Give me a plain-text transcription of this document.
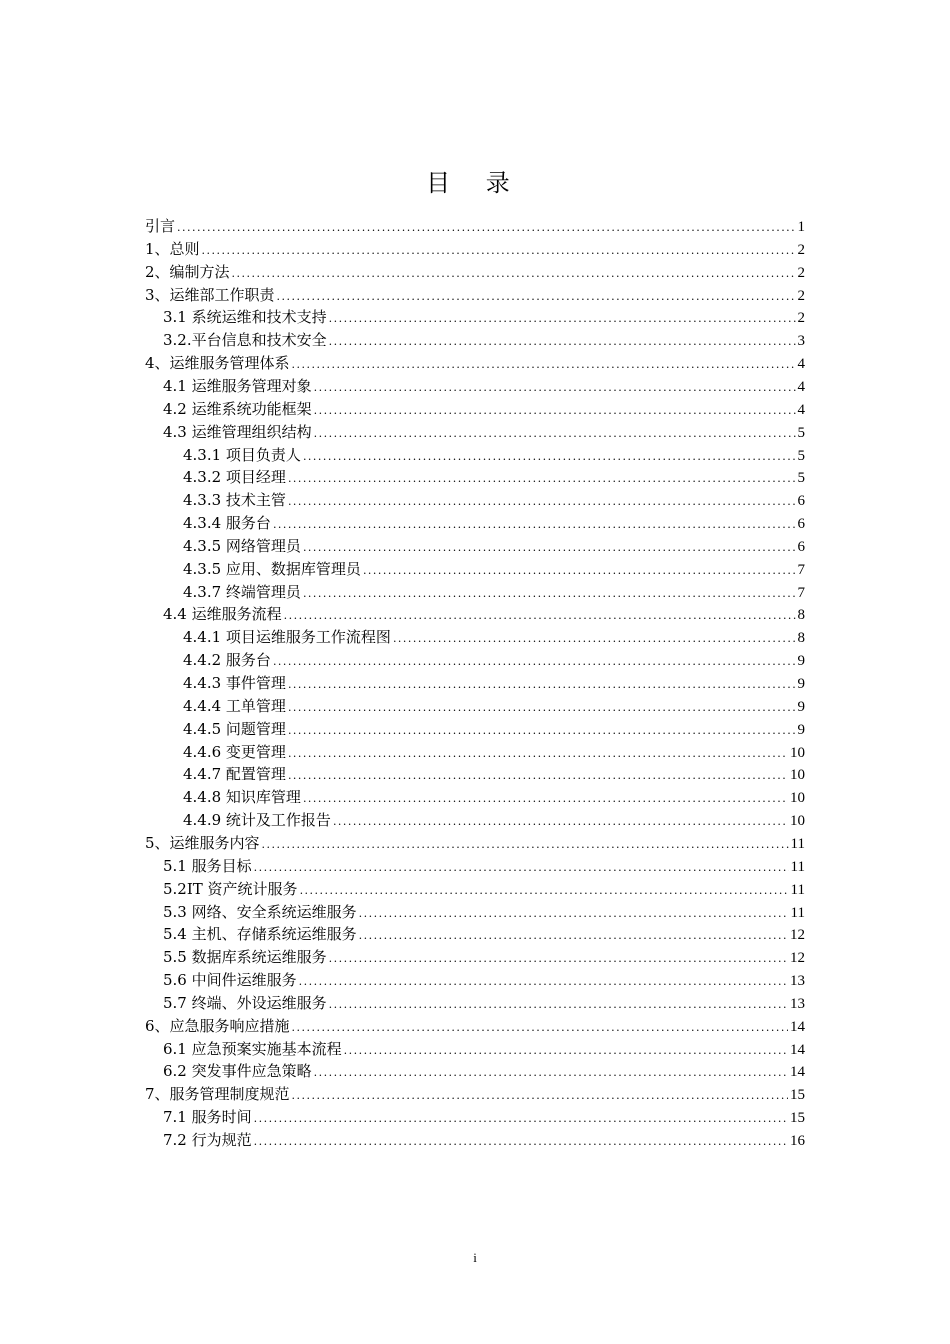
目 录
引言 . . .	1
1、总则 . . .	2
2、编制方法 . . .	2
3、运维部工作职责 . . .	2
3.1 系统运维和技术支持 . . .	2
3.2.平台信息和技术安全 . . .	3
4、运维服务管理体系 . . .	4
4.1 运维服务管理对象 . . .	4
4.2 运维系统功能框架 . . .	4
4.3 运维管理组织结构 . . .	5
4.3.1 项目负责人 . . .	5
4.3.2 项目经理 . . .	5
4.3.3 技术主管 . . .	6
4.3.4 服务台 . . .	6
4.3.5 网络管理员 . . .	6
4.3.5 应用、数据库管理员 . . .	7
4.3.7 终端管理员 . . .	7
4.4 运维服务流程 . . .	8
4.4.1 项目运维服务工作流程图 . . .	8
4.4.2 服务台 . . .	9
4.4.3 事件管理 . . .	9
4.4.4 工单管理 . . .	9
4.4.5 问题管理 . . .	9
4.4.6 变更管理 . . .	10
4.4.7 配置管理 . . .	10
4.4.8 知识库管理 . . .	10
4.4.9 统计及工作报告 . . .	10
5、运维服务内容 . . .	11
5.1 服务目标 . . .	11
5.2IT 资产统计服务 . . .	11
5.3 网络、安全系统运维服务 . . .	11
5.4 主机、存储系统运维服务 . . .	12
5.5 数据库系统运维服务 . . .	12
5.6 中间件运维服务 . . .	13
5.7 终端、外设运维服务 . . .	13
6、应急服务响应措施 . . .	14
6.1 应急预案实施基本流程 . . .	14
6.2 突发事件应急策略 . . .	14
7、服务管理制度规范 . . .	15
7.1 服务时间 . . .	15
7.2 行为规范 . . .	16
i
